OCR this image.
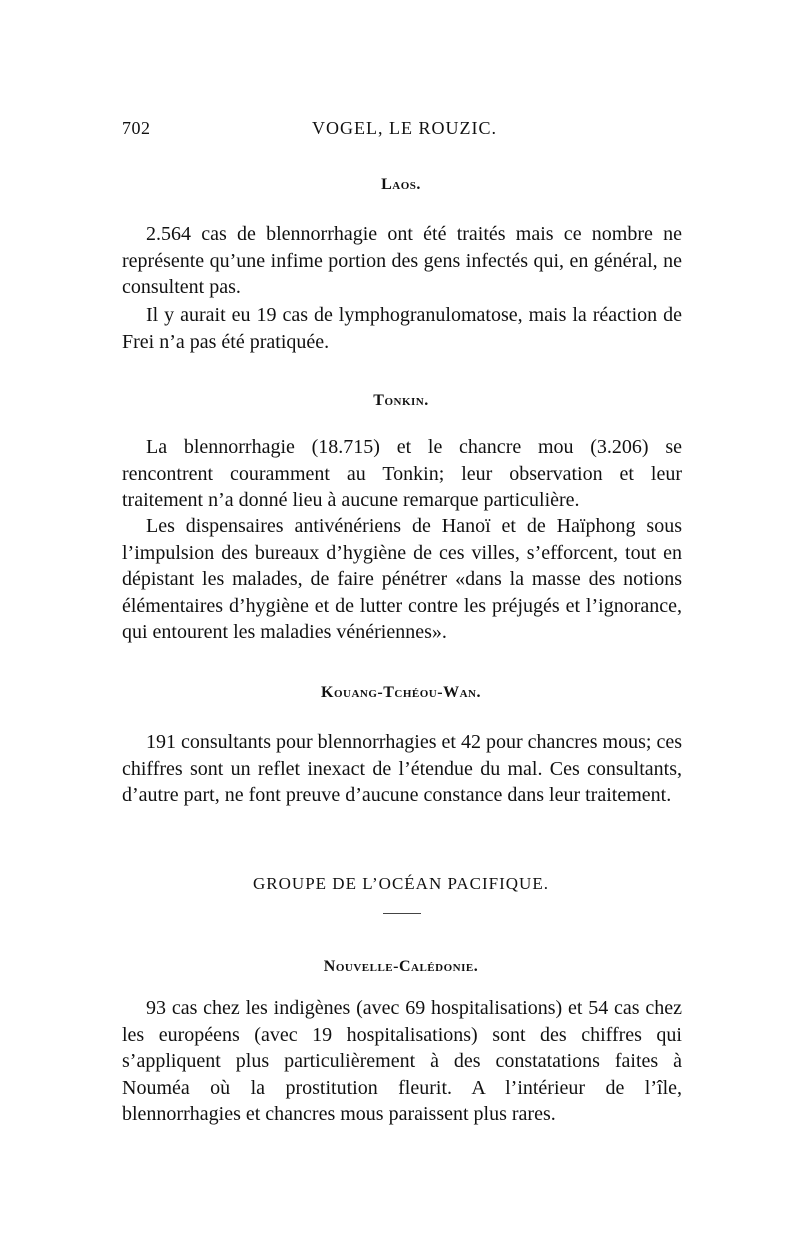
702	VOGEL, LE ROUZIC.
Laos.

2.564 cas de blennorrhagie ont été traités mais ce nombre ne représente qu’une infime portion des gens infectés qui, en général, ne consultent pas.

Il y aurait eu 19 cas de lymphogranulomatose, mais la réaction de Frei n’a pas été pratiquée.

Tonkin.

La blennorrhagie (18.715) et le chancre mou (3.206) se rencontrent couramment au Tonkin; leur observation et leur traitement n’a donné lieu à aucune remarque particulière.

Les dispensaires antivénériens de Hanoï et de Haïphong sous l’impulsion des bureaux d’hygiène de ces villes, s’efforcent, tout en dépistant les malades, de faire pénétrer «dans la masse des notions élémentaires d’hygiène et de lutter contre les préjugés et l’ignorance, qui entourent les maladies vénériennes».

Kouang-Tchéou-Wan.

191 consultants pour blennorrhagies et 42 pour chancres mous; ces chiffres sont un reflet inexact de l’étendue du mal. Ces consultants, d’autre part, ne font preuve d’aucune constance dans leur traitement.

GROUPE DE L’OCÉAN PACIFIQUE.
Nouvelle-Calédonie.

93 cas chez les indigènes (avec 69 hospitalisations) et 54 cas chez les européens (avec 19 hospitalisations) sont des chiffres qui s’appliquent plus particulièrement à des constatations faites à Nouméa où la prostitution fleurit. A l’intérieur de l’île, blennorrhagies et chancres mous paraissent plus rares.
